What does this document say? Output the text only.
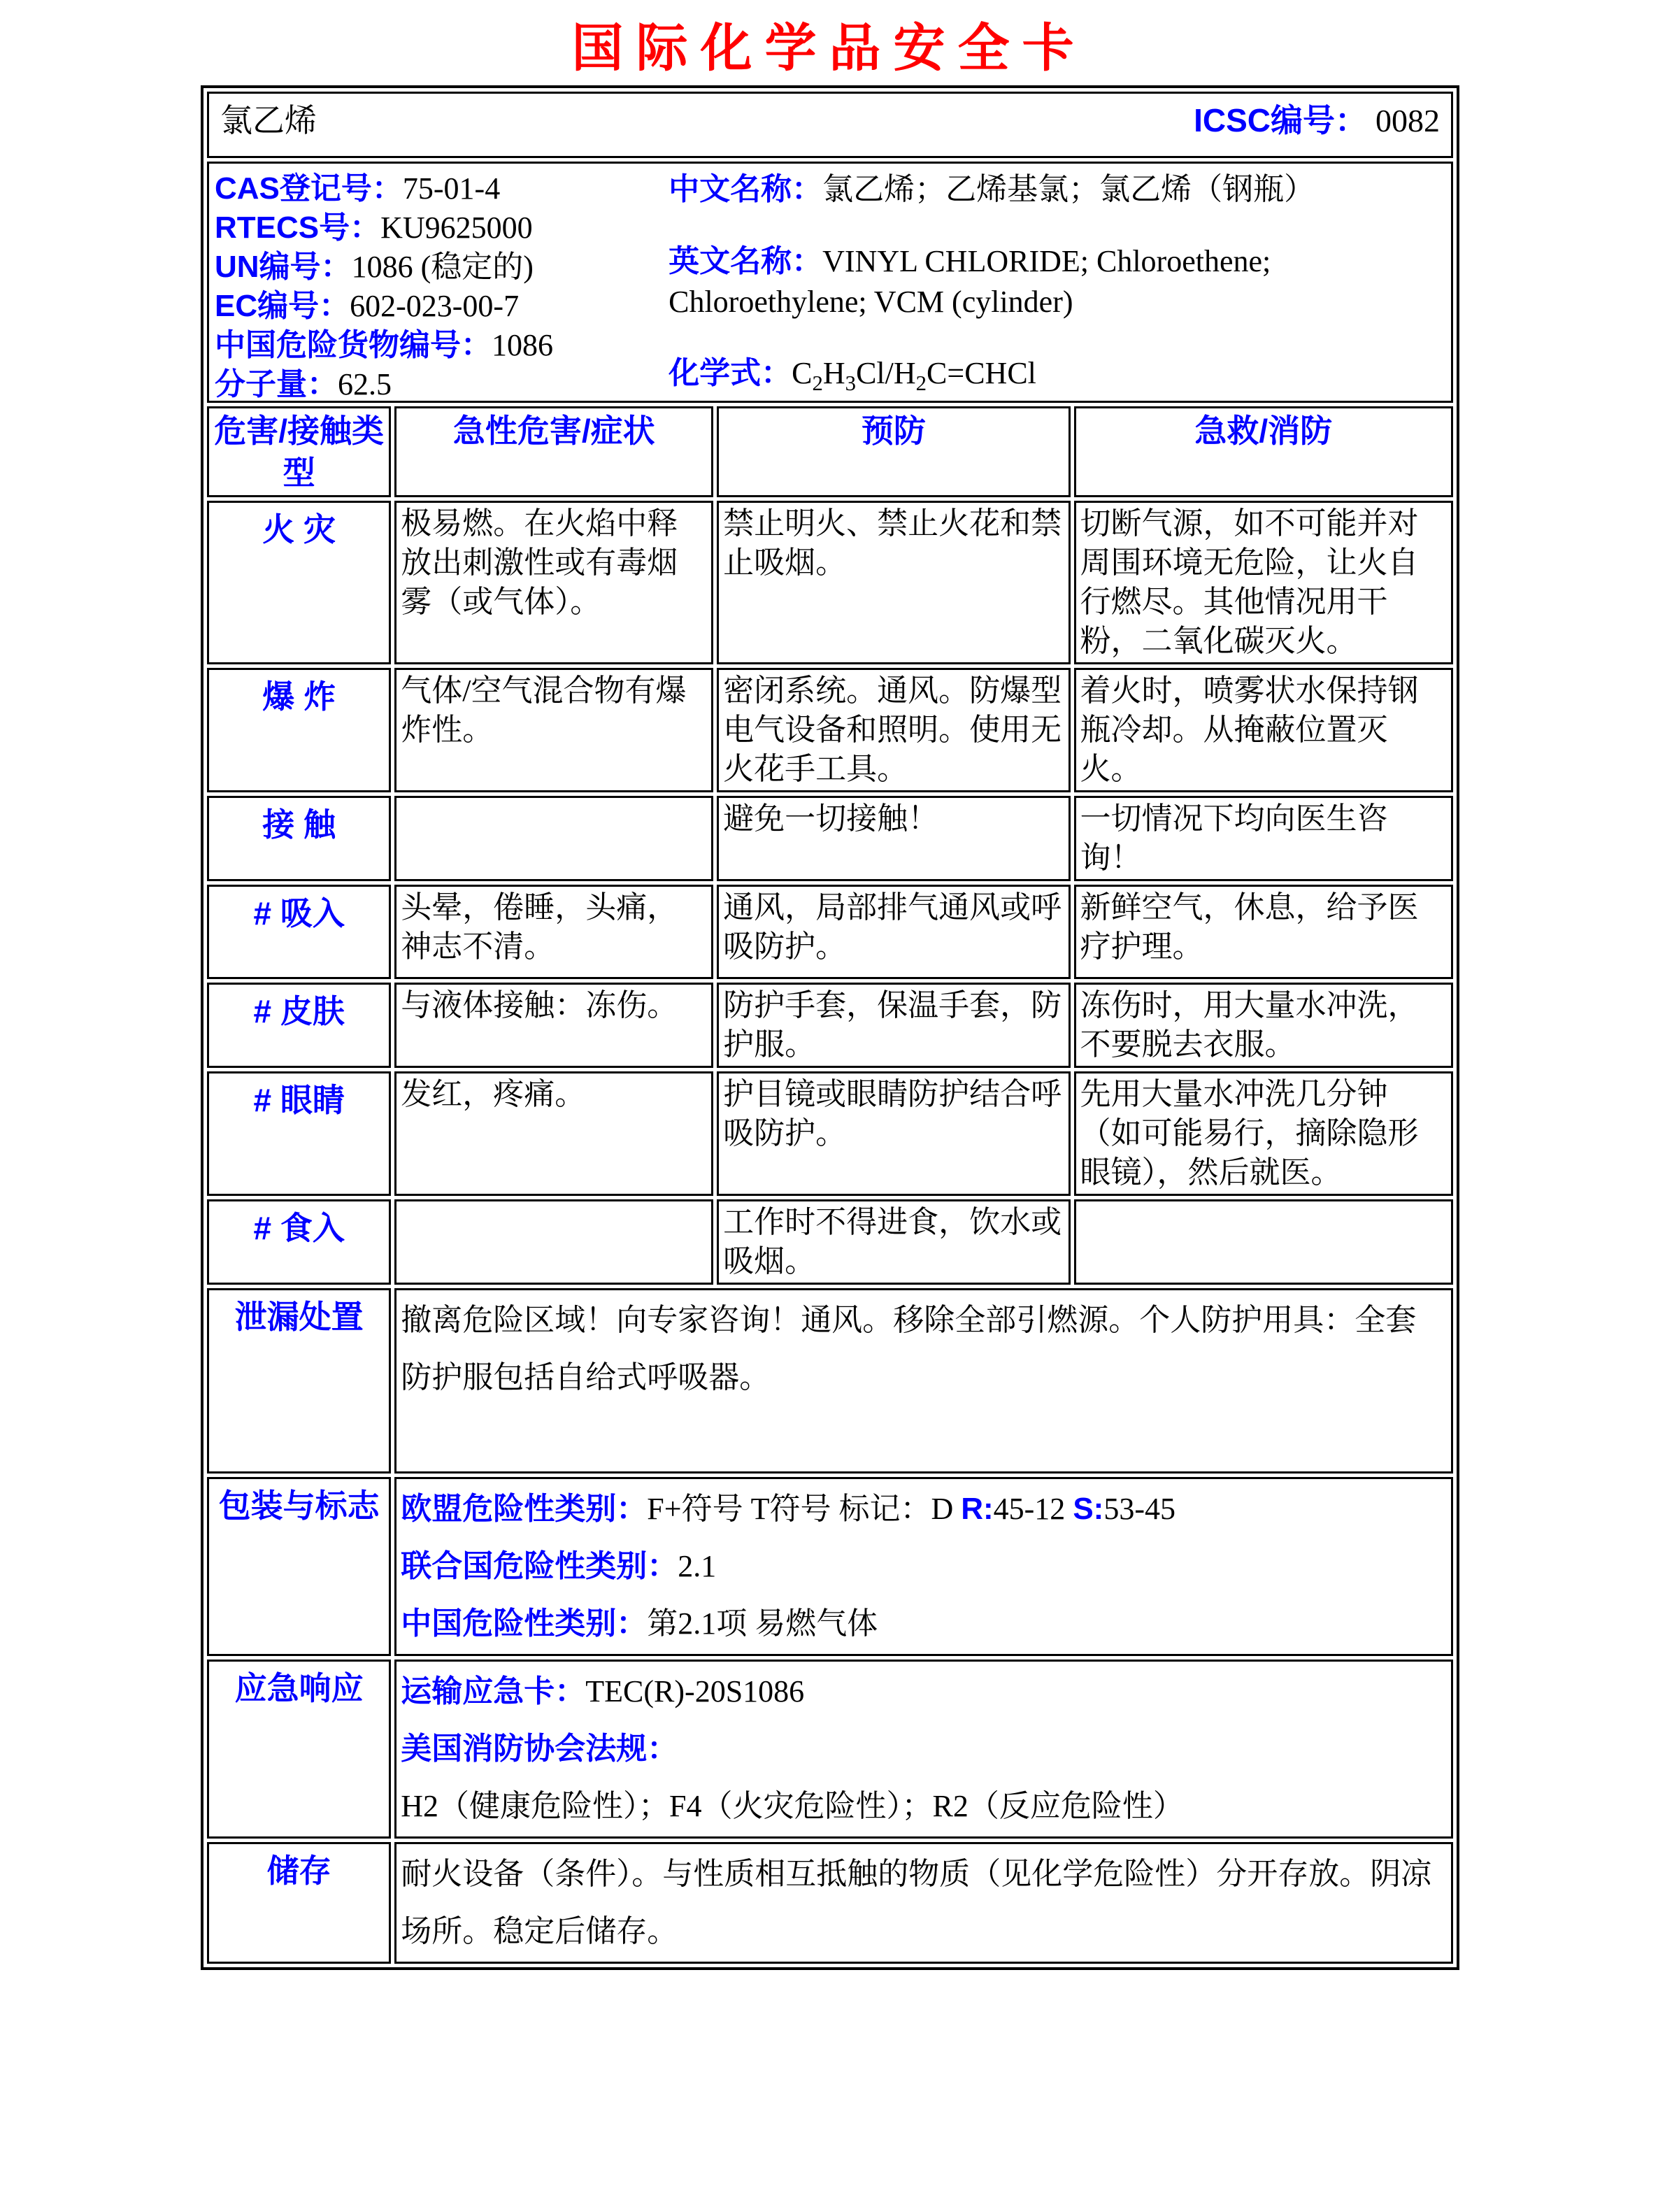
国际化学品安全卡
氯乙烯 ICSC编号： 0082			

CAS登记号：75-01-4
RTECS号：KU9625000
UN编号：1086 (稳定的)
EC编号：602-023-00-7
中国危险货物编号：1086
分子量：62.5
中文名称：氯乙烯；乙烯基氯；氯乙烯（钢瓶）
英文名称：VINYL CHLORIDE; Chloroethene; Chloroethylene; VCM (cylinder)
化学式：$C_2H_3Cl/H_2C=CHCl$

危害/接触类型	急性危害/症状	预防	急救/消防
火 灾	极易燃。在火焰中释放出刺激性或有毒烟雾（或气体）。	禁止明火、禁止火花和禁止吸烟。	切断气源，如不可能并对周围环境无危险，让火自行燃尽。其他情况用干粉，二氧化碳灭火。
爆 炸	气体/空气混合物有爆炸性。	密闭系统。通风。防爆型电气设备和照明。使用无火花手工具。	着火时，喷雾状水保持钢瓶冷却。从掩蔽位置灭火。
接 触		避免一切接触！	一切情况下均向医生咨询！
# 吸入	头晕，倦睡，头痛，神志不清。	通风，局部排气通风或呼吸防护。	新鲜空气，休息，给予医疗护理。
# 皮肤	与液体接触：冻伤。	防护手套，保温手套，防护服。	冻伤时，用大量水冲洗，不要脱去衣服。
# 眼睛	发红，疼痛。	护目镜或眼睛防护结合呼吸防护。	先用大量水冲洗几分钟（如可能易行，摘除隐形眼镜），然后就医。
# 食入		工作时不得进食，饮水或吸烟。	
泄漏处置	撤离危险区域！向专家咨询！通风。移除全部引燃源。个人防护用具：全套防护服包括自给式呼吸器。		

包装与标志	欧盟危险性类别：F+符号 T符号 标记：D R:45-12 S:53-45
联合国危险性类别：2.1
中国危险性类别：第2.1项 易燃气体		

应急响应	运输应急卡：TEC(R)-20S1086
美国消防协会法规：H2（健康危险性）；F4（火灾危险性）；R2（反应危险性）		

储存	耐火设备（条件）。与性质相互抵触的物质（见化学危险性）分开存放。阴凉场所。稳定后储存。		
